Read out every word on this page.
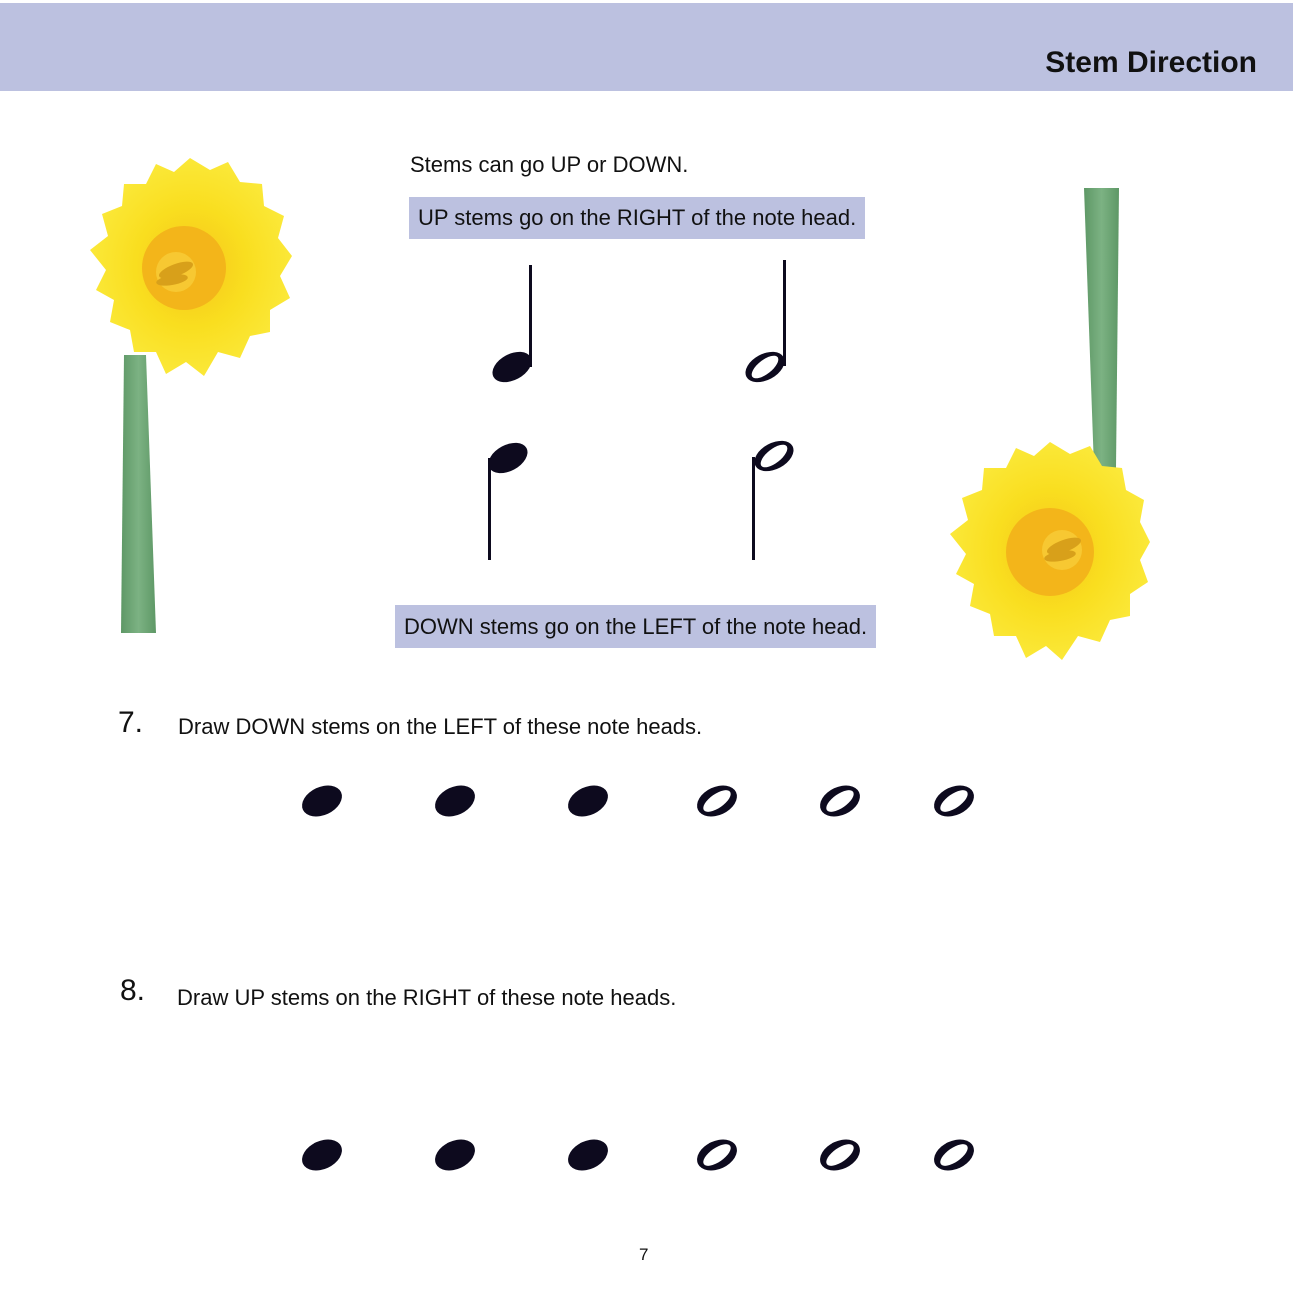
Stem Direction
Stems can go UP or DOWN.
UP stems go on the RIGHT of the note head.
DOWN stems go on the LEFT of the note head.
7. Draw DOWN stems on the LEFT of these note heads.
8. Draw UP stems on the RIGHT of these note heads.
7
